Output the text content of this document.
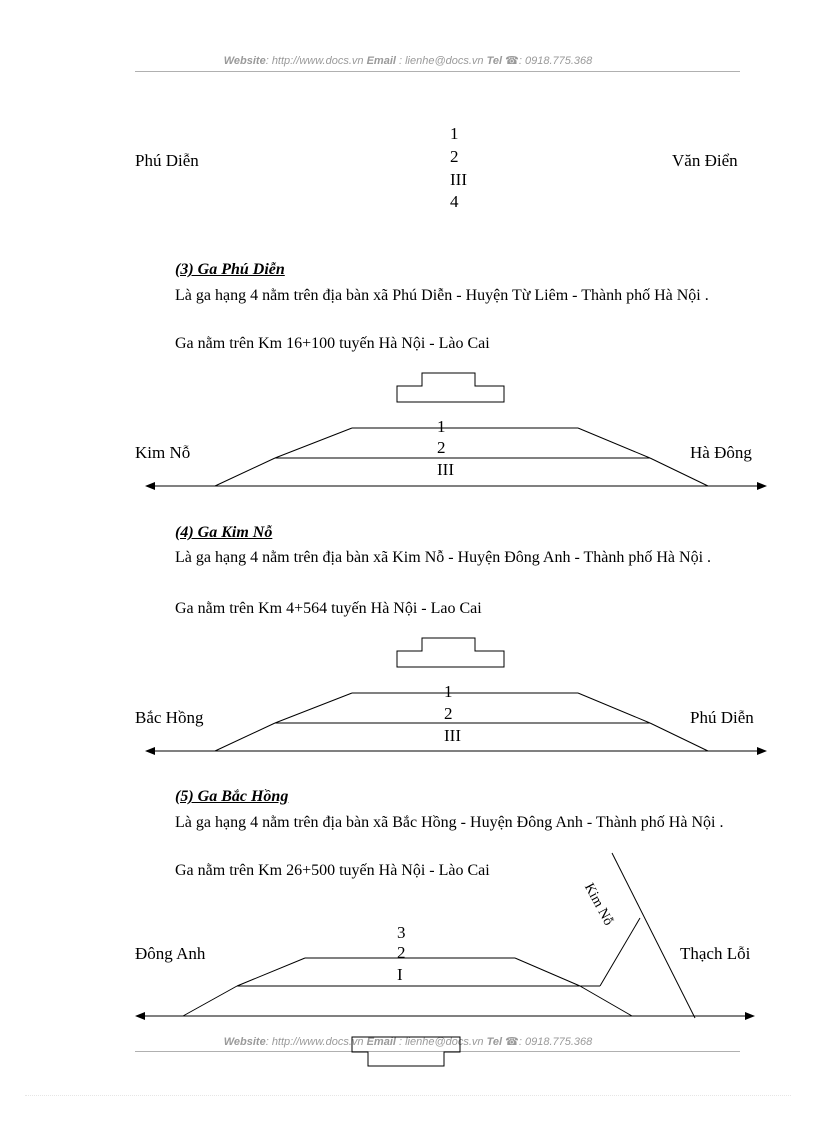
Website: http://www.docs.vn Email : lienhe@docs.vn Tel ☎: 0918.775.368
Phú Diễn	Văn Điển
1
2
III
4
(3) Ga Phú Diễn
Là ga hạng 4 nằm trên địa bàn xã Phú Diễn - Huyện Từ Liêm - Thành phố Hà Nội .
Ga nằm trên Km 16+100 tuyến Hà Nội - Lào Cai
Kim Nỗ	Hà Đông
1
2
III
(4) Ga Kim Nỗ
Là ga hạng 4 nằm trên địa bàn xã Kim Nỗ - Huyện Đông Anh - Thành phố Hà Nội .
Ga nằm trên Km 4+564 tuyến Hà Nội - Lao Cai
Bắc Hồng	Phú Diễn
1
2
III
(5) Ga Bắc Hồng
Là ga hạng 4 nằm trên địa bàn xã Bắc Hồng - Huyện Đông Anh - Thành phố Hà Nội .
Ga nằm trên Km 26+500 tuyến Hà Nội - Lào Cai
Kim Nỗ
Đông Anh	Thạch Lỗi
3
2
I
Website: http://www.docs.vn Email : lienhe@docs.vn Tel ☎: 0918.775.368
